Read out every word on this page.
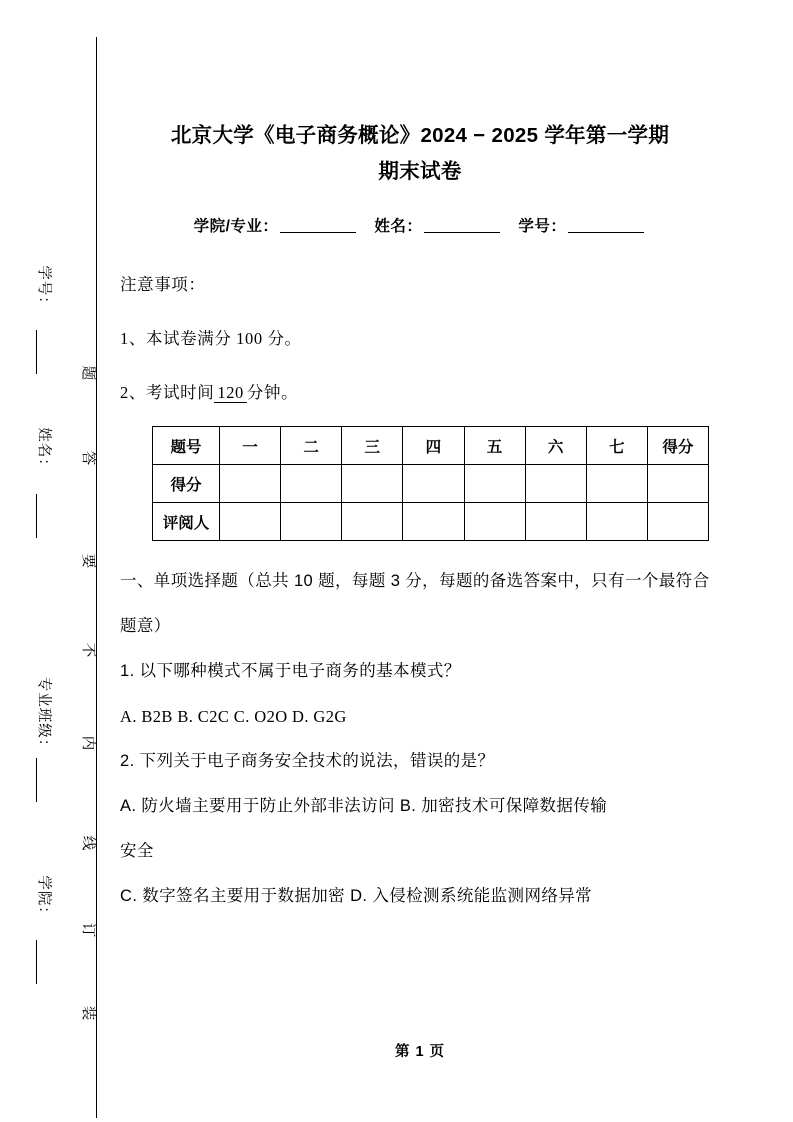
学号：
姓名：
专业班级：
学院：
题
答
要
不
内
线
订
装
北京大学《电子商务概论》2024 − 2025 学年第一学期
期末试卷
学院/专业：	姓名：	学号：

注意事项：

1、本试卷满分 100 分。

2、考试时间 120 分钟。

题号	一	二	三	四	五	六	七	得分
得分								
评阅人								

一、单项选择题（总共 10 题，每题 3 分，每题的备选答案中，只有一个最符合题意）

1. 以下哪种模式不属于电子商务的基本模式？

A. B2B B. C2C C. O2O D. G2G

2. 下列关于电子商务安全技术的说法，错误的是？

A. 防火墙主要用于防止外部非法访问 B. 加密技术可保障数据传输

安全

C. 数字签名主要用于数据加密 D. 入侵检测系统能监测网络异常

第 1 页
